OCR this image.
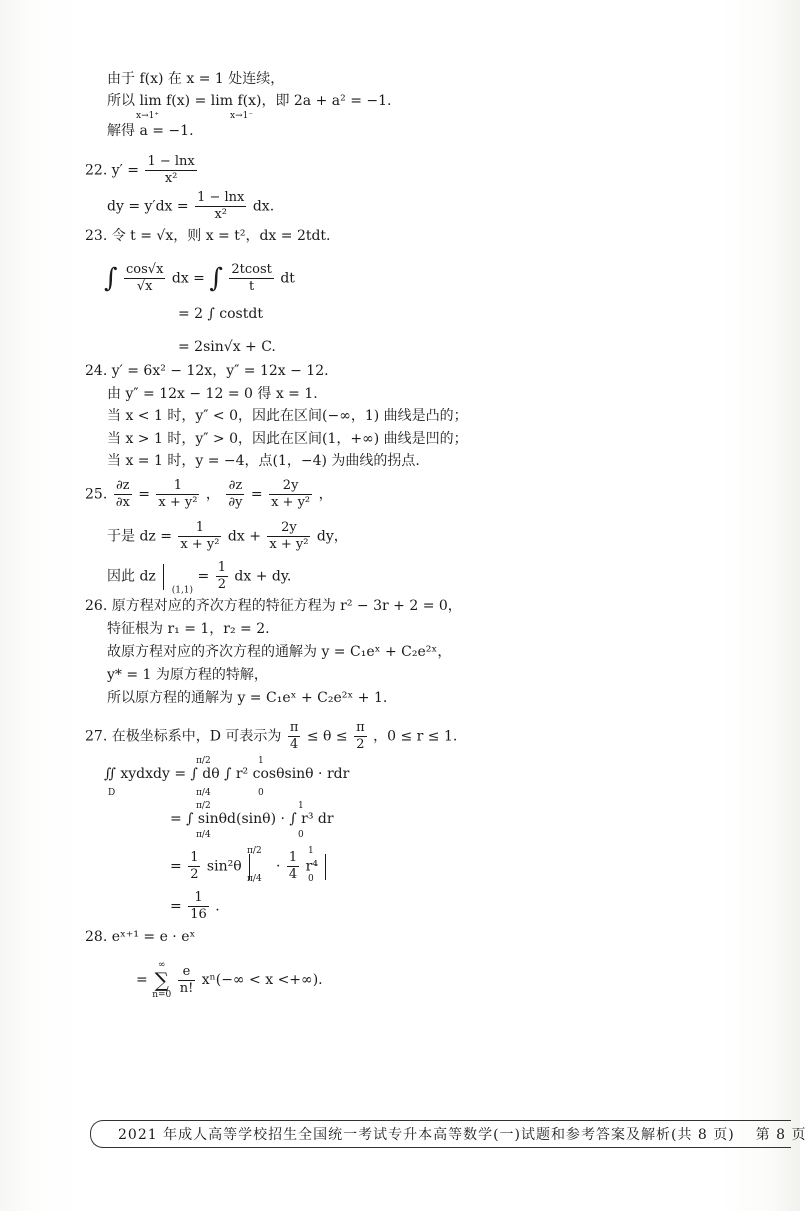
由于 f(x) 在 x = 1 处连续，
所以 lim f(x) = lim f(x)，即 2a + a² = −1.
x→1⁺	x→1⁻
解得 a = −1.
22. $y' = \frac{1 - \ln x}{\text{x²}}$
dy = $y'dx = \frac{1 - \ln x}{\text{x²}}$ dx.
23. 令 t = √x，则 x = t²，dx = 2tdt.
∫ $\frac{\cos√x}{√x}$ dx = ∫ $\frac{2tcost}{t}$ dt
= 2 ∫ costdt
= 2sin√x + C.
24. y′ = 6x² − 12x，y″ = 12x − 12.
由 y″ = 12x − 12 = 0 得 x = 1.
当 x < 1 时，y″ < 0，因此在区间(−∞，1) 曲线是凸的；
当 x > 1 时，y″ > 0，因此在区间(1，+∞) 曲线是凹的；
当 x = 1 时，y = −4，点(1，−4) 为曲线的拐点.
25. $\frac{\partial z}{\partial x} = \frac{1}{\text{x + y²}}$ ， $\frac{\partial z}{\partial y} = \frac{2y}{\text{x + y²}}$ ，
于是 dz = $\frac{1}{\text{x + y²}}$ dx + $\frac{2y}{\text{x + y²}}$ dy，
因此 dz  $_{(1,1)} = \frac{1}{2}$ dx + dy.
26. 原方程对应的齐次方程的特征方程为 r² − 3r + 2 = 0，
特征根为 r₁ = 1，r₂ = 2.
故原方程对应的齐次方程的通解为 y = C₁eˣ + C₂e²ˣ，
y* = 1 为原方程的特解，
所以原方程的通解为 y = C₁eˣ + C₂e²ˣ + 1.
27. 在极坐标系中，D 可表示为 $\frac{\pi}{4} \le \theta \le \frac{\pi}{2}$ ，0 ≤ r ≤ 1.
∬ xydxdy = ∫ dθ ∫ r² cosθsinθ · rdr
D
π/2
π/4
1
0
= ∫ sinθd(sinθ) · ∫ r³ dr
π/2
π/4
1
0
= $\frac{1}{2} \sin^2\theta \cdot \frac{1}{4} r^4$
π/2
π/4
1
0
= $\frac{1}{16}$ .
28. eˣ⁺¹ = e · eˣ
=
∞
∑
n=0
$\frac{e}{n!} x^n(-\infty < x$ <+∞).
2021 年成人高等学校招生全国统一考试专升本高等数学(一)试题和参考答案及解析(共 8 页) 第 8 页
